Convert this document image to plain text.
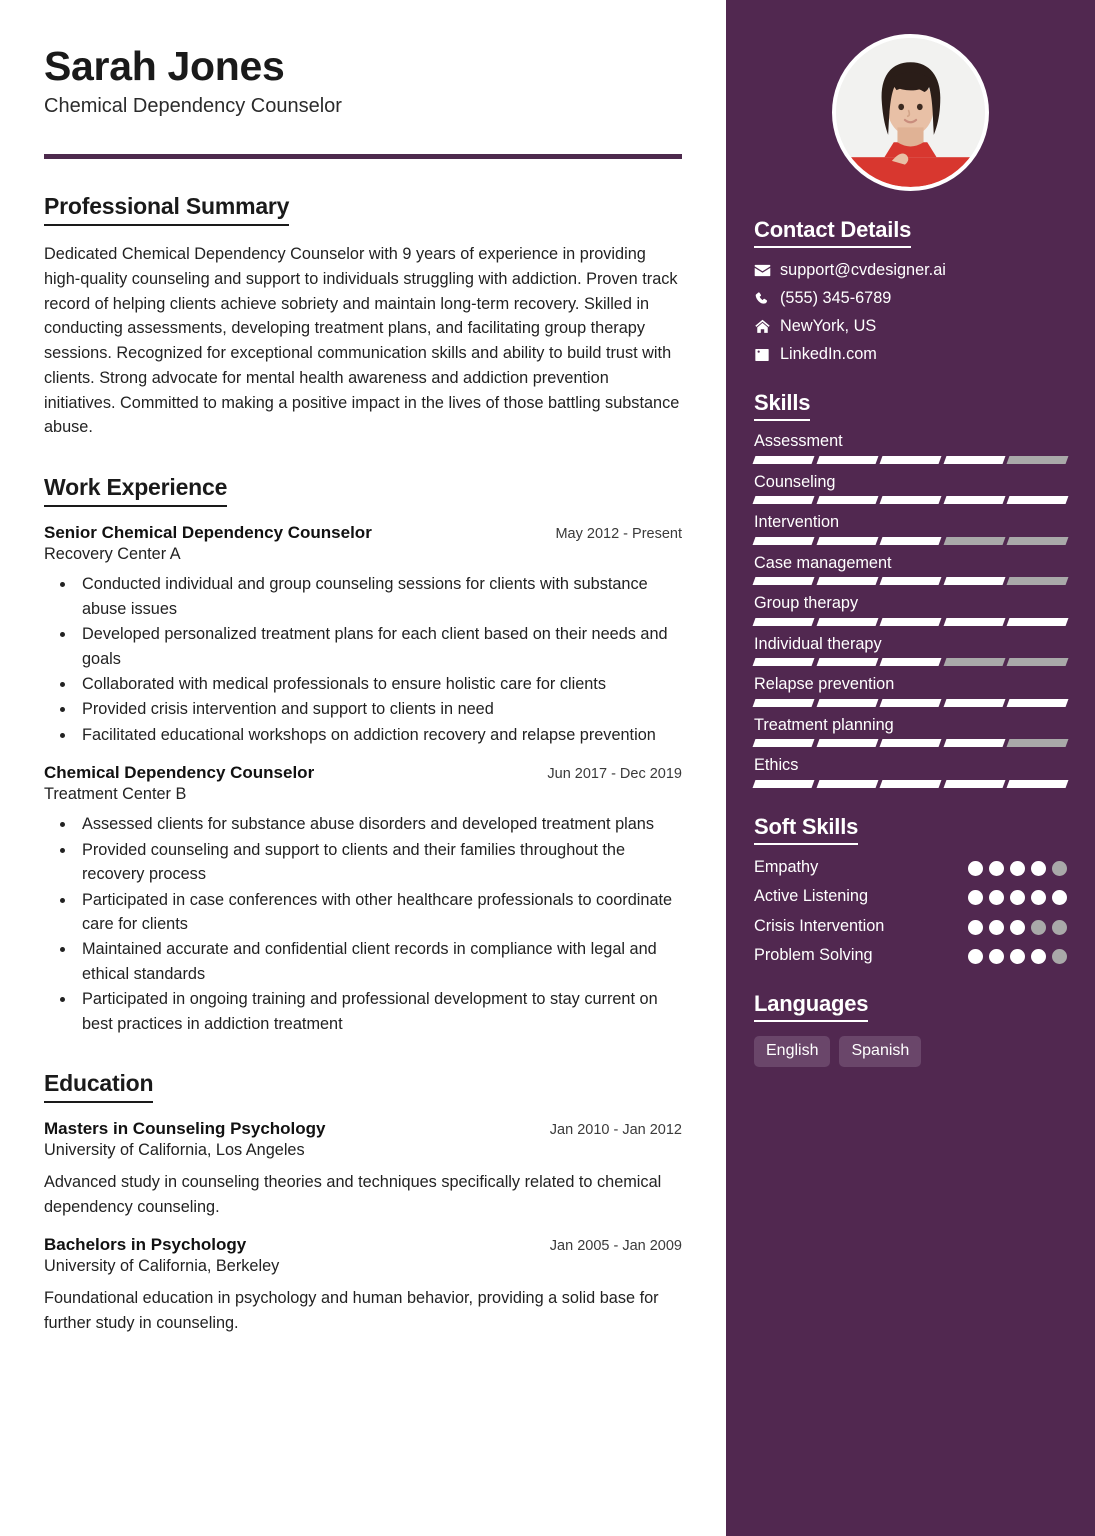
Sarah Jones
Chemical Dependency Counselor
Professional Summary
Dedicated Chemical Dependency Counselor with 9 years of experience in providing high-quality counseling and support to individuals struggling with addiction. Proven track record of helping clients achieve sobriety and maintain long-term recovery. Skilled in conducting assessments, developing treatment plans, and facilitating group therapy sessions. Recognized for exceptional communication skills and ability to build trust with clients. Strong advocate for mental health awareness and addiction prevention initiatives. Committed to making a positive impact in the lives of those battling substance abuse.
Work Experience
Senior Chemical Dependency Counselor	May 2012 - Present
Recovery Center A
• Conducted individual and group counseling sessions for clients with substance abuse issues
• Developed personalized treatment plans for each client based on their needs and goals
• Collaborated with medical professionals to ensure holistic care for clients
• Provided crisis intervention and support to clients in need
• Facilitated educational workshops on addiction recovery and relapse prevention
Chemical Dependency Counselor	Jun 2017 - Dec 2019
Treatment Center B
• Assessed clients for substance abuse disorders and developed treatment plans
• Provided counseling and support to clients and their families throughout the recovery process
• Participated in case conferences with other healthcare professionals to coordinate care for clients
• Maintained accurate and confidential client records in compliance with legal and ethical standards
• Participated in ongoing training and professional development to stay current on best practices in addiction treatment
Education
Masters in Counseling Psychology	Jan 2010 - Jan 2012
University of California, Los Angeles
Advanced study in counseling theories and techniques specifically related to chemical dependency counseling.
Bachelors in Psychology	Jan 2005 - Jan 2009
University of California, Berkeley
Foundational education in psychology and human behavior, providing a solid base for further study in counseling.
Contact Details
support@cvdesigner.ai
(555) 345-6789
NewYork, US
LinkedIn.com
Skills
Assessment
Counseling
Intervention
Case management
Group therapy
Individual therapy
Relapse prevention
Treatment planning
Ethics
Soft Skills
Empathy
Active Listening
Crisis Intervention
Problem Solving
Languages
English	Spanish
